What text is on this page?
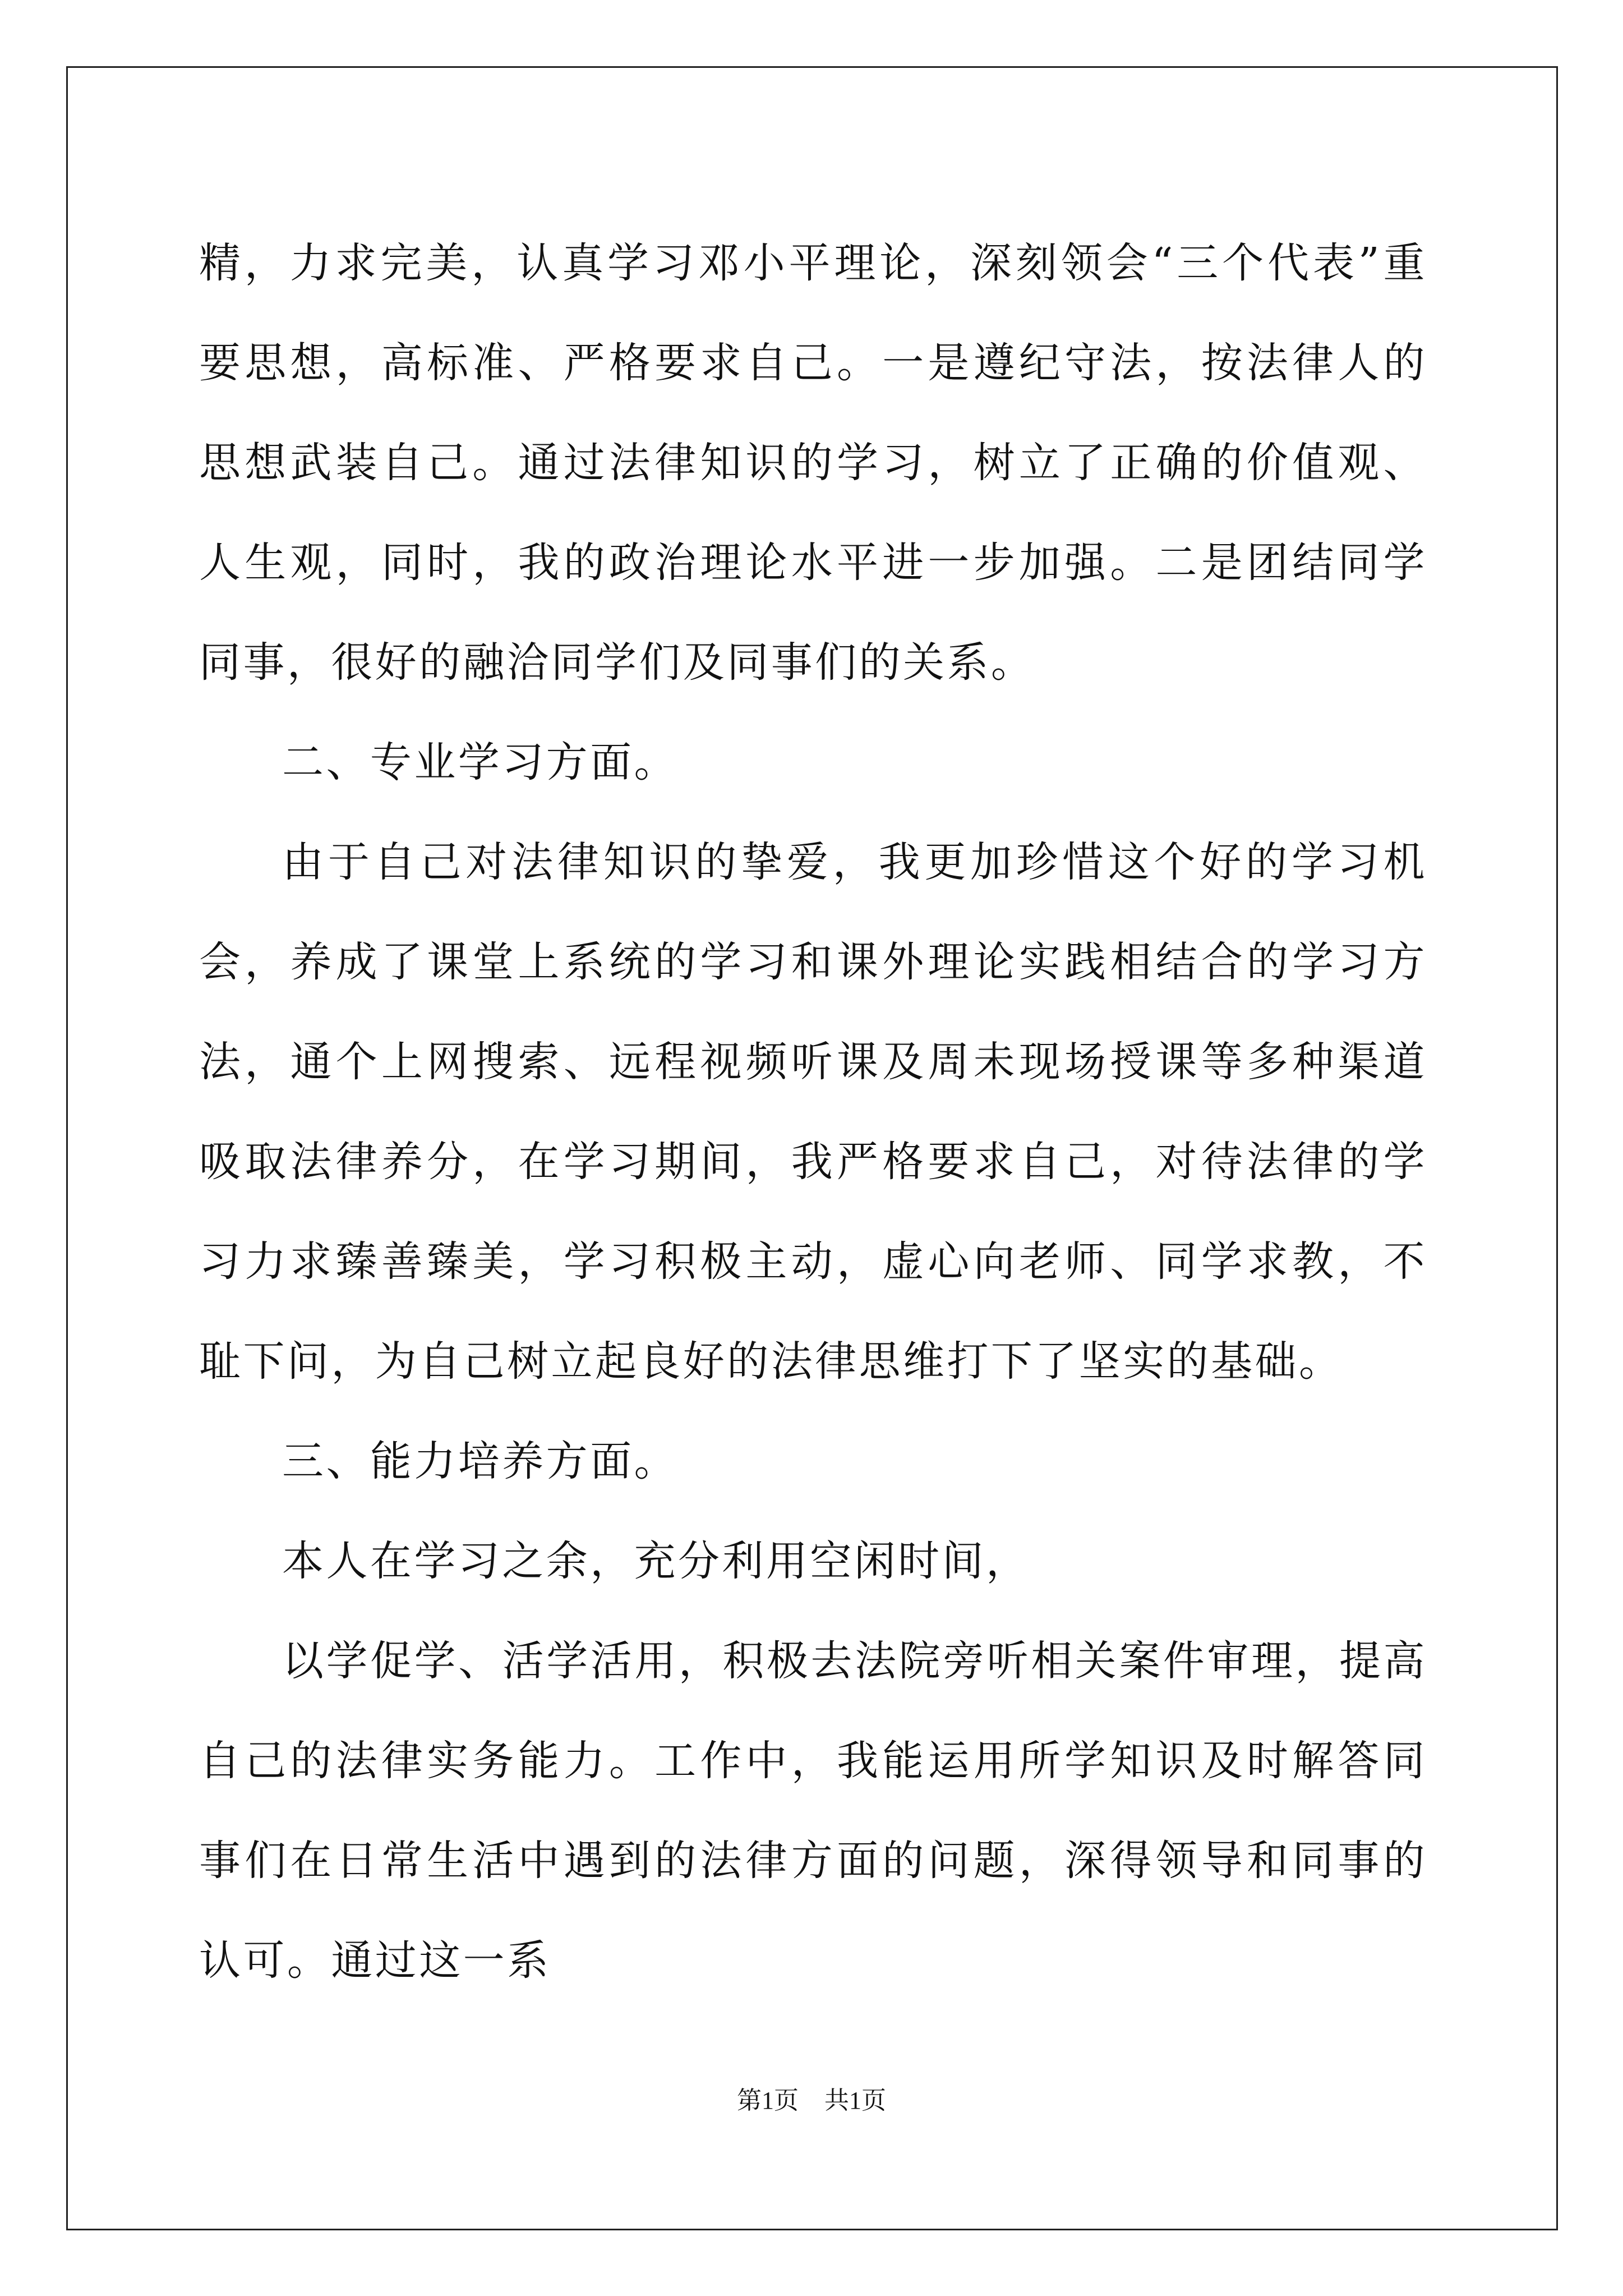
精，力求完美，认真学习邓小平理论，深刻领会“三个代表”重要思想，高标准、严格要求自己。一是遵纪守法，按法律人的思想武装自己。通过法律知识的学习，树立了正确的价值观、人生观，同时，我的政治理论水平进一步加强。二是团结同学同事，很好的融洽同学们及同事们的关系。

二、专业学习方面。

由于自己对法律知识的挚爱，我更加珍惜这个好的学习机会，养成了课堂上系统的学习和课外理论实践相结合的学习方法，通个上网搜索、远程视频听课及周未现场授课等多种渠道吸取法律养分，在学习期间，我严格要求自己，对待法律的学习力求臻善臻美，学习积极主动，虚心向老师、同学求教，不耻下问，为自己树立起良好的法律思维打下了坚实的基础。

三、能力培养方面。

本人在学习之余，充分利用空闲时间，

以学促学、活学活用，积极去法院旁听相关案件审理，提高自己的法律实务能力。工作中，我能运用所学知识及时解答同事们在日常生活中遇到的法律方面的问题，深得领导和同事的认可。通过这一系

第1页 共1页
